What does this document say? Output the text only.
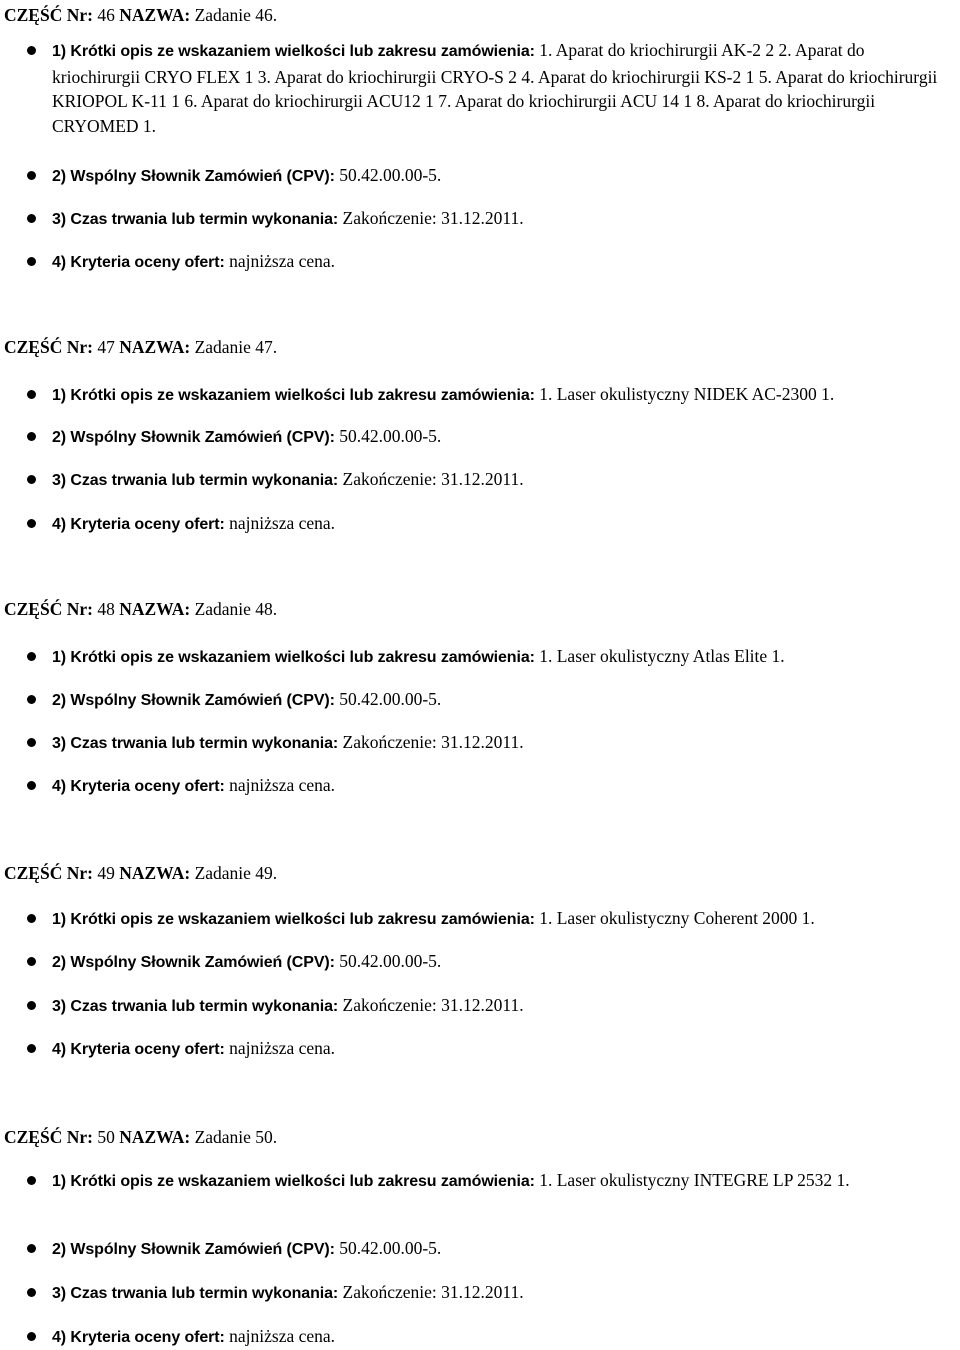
CZĘŚĆ Nr: 46 NAZWA: Zadanie 46.
1) Krótki opis ze wskazaniem wielkości lub zakresu zamówienia: 1. Aparat do kriochirurgii AK-2 2 2. Aparat do kriochirurgii CRYO FLEX 1 3. Aparat do kriochirurgii CRYO-S 2 4. Aparat do kriochirurgii KS-2 1 5. Aparat do kriochirurgii KRIOPOL K-11 1 6. Aparat do kriochirurgii ACU12 1 7. Aparat do kriochirurgii ACU 14 1 8. Aparat do kriochirurgii CRYOMED 1.
2) Wspólny Słownik Zamówień (CPV): 50.42.00.00-5.
3) Czas trwania lub termin wykonania: Zakończenie: 31.12.2011.
4) Kryteria oceny ofert: najniższa cena.
CZĘŚĆ Nr: 47 NAZWA: Zadanie 47.
1) Krótki opis ze wskazaniem wielkości lub zakresu zamówienia: 1. Laser okulistyczny NIDEK AC-2300 1.
2) Wspólny Słownik Zamówień (CPV): 50.42.00.00-5.
3) Czas trwania lub termin wykonania: Zakończenie: 31.12.2011.
4) Kryteria oceny ofert: najniższa cena.
CZĘŚĆ Nr: 48 NAZWA: Zadanie 48.
1) Krótki opis ze wskazaniem wielkości lub zakresu zamówienia: 1. Laser okulistyczny Atlas Elite 1.
2) Wspólny Słownik Zamówień (CPV): 50.42.00.00-5.
3) Czas trwania lub termin wykonania: Zakończenie: 31.12.2011.
4) Kryteria oceny ofert: najniższa cena.
CZĘŚĆ Nr: 49 NAZWA: Zadanie 49.
1) Krótki opis ze wskazaniem wielkości lub zakresu zamówienia: 1. Laser okulistyczny Coherent 2000 1.
2) Wspólny Słownik Zamówień (CPV): 50.42.00.00-5.
3) Czas trwania lub termin wykonania: Zakończenie: 31.12.2011.
4) Kryteria oceny ofert: najniższa cena.
CZĘŚĆ Nr: 50 NAZWA: Zadanie 50.
1) Krótki opis ze wskazaniem wielkości lub zakresu zamówienia: 1. Laser okulistyczny INTEGRE LP 2532 1.
2) Wspólny Słownik Zamówień (CPV): 50.42.00.00-5.
3) Czas trwania lub termin wykonania: Zakończenie: 31.12.2011.
4) Kryteria oceny ofert: najniższa cena.
